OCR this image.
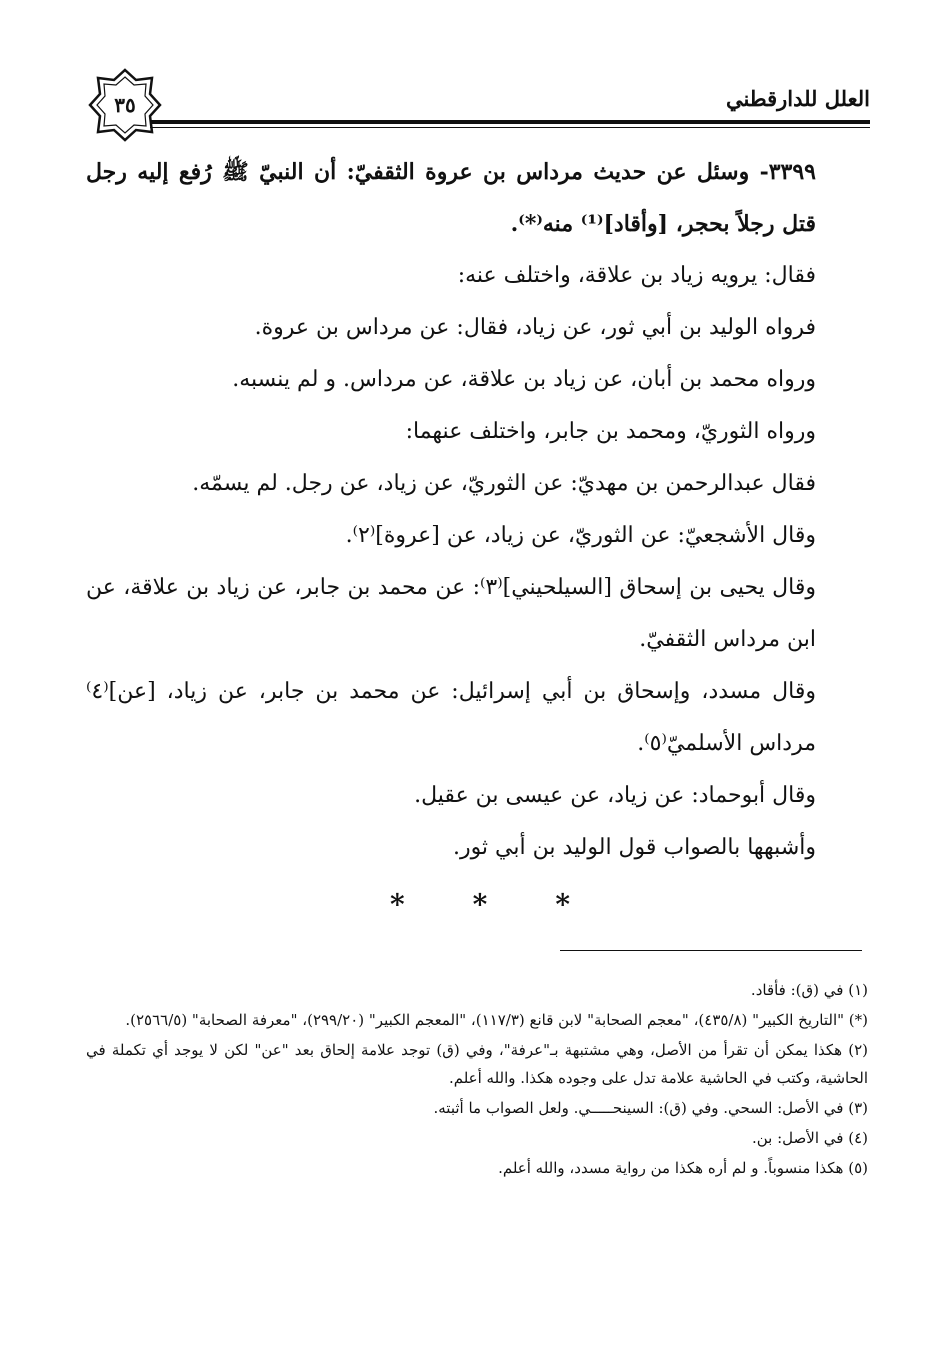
العلل للدارقطني
٣٥

٣٣٩٩- وسئل عن حديث مرداس بن عروة الثقفيّ: أن النبيّ ﷺ رُفع إليه رجل قتل رجلاً بحجر، [وأقاد]⁽¹⁾ منه⁽*⁾.

فقال: يرويه زياد بن علاقة، واختلف عنه:

فرواه الوليد بن أبي ثور، عن زياد، فقال: عن مرداس بن عروة.

ورواه محمد بن أبان، عن زياد بن علاقة، عن مرداس. و لم ينسبه.

ورواه الثوريّ، ومحمد بن جابر، واختلف عنهما:

فقال عبدالرحمن بن مهديّ: عن الثوريّ، عن زياد، عن رجل. لم يسمّه.

وقال الأشجعيّ: عن الثوريّ، عن زياد، عن [عروة]⁽٢⁾.

وقال يحيى بن إسحاق [السيلحيني]⁽٣⁾: عن محمد بن جابر، عن زياد بن علاقة، عن ابن مرداس الثقفيّ.

وقال مسدد، وإسحاق بن أبي إسرائيل: عن محمد بن جابر، عن زياد، [عن]⁽٤⁾ مرداس الأسلميّ⁽٥⁾.

وقال أبوحماد: عن زياد، عن عيسى بن عقيل.

وأشبهها بالصواب قول الوليد بن أبي ثور.

* * *

(١) في (ق): فأقاد.

(*) "التاريخ الكبير" (٤٣٥/٨)، "معجم الصحابة" لابن قانع (١١٧/٣)، "المعجم الكبير" (٢٩٩/٢٠)، "معرفة الصحابة" (٢٥٦٦/٥).

(٢) هكذا يمكن أن تقرأ من الأصل، وهي مشتبهة بـ"عرفة"، وفي (ق) توجد علامة إلحاق بعد "عن" لكن لا يوجد أي تكملة في الحاشية، وكتب في الحاشية علامة تدل على وجوده هكذا. والله أعلم.

(٣) في الأصل: السحي. وفي (ق): السينحـــــي. ولعل الصواب ما أثبته.

(٤) في الأصل: بن.

(٥) هكذا منسوباً. و لم أره هكذا من رواية مسدد، والله أعلم.
